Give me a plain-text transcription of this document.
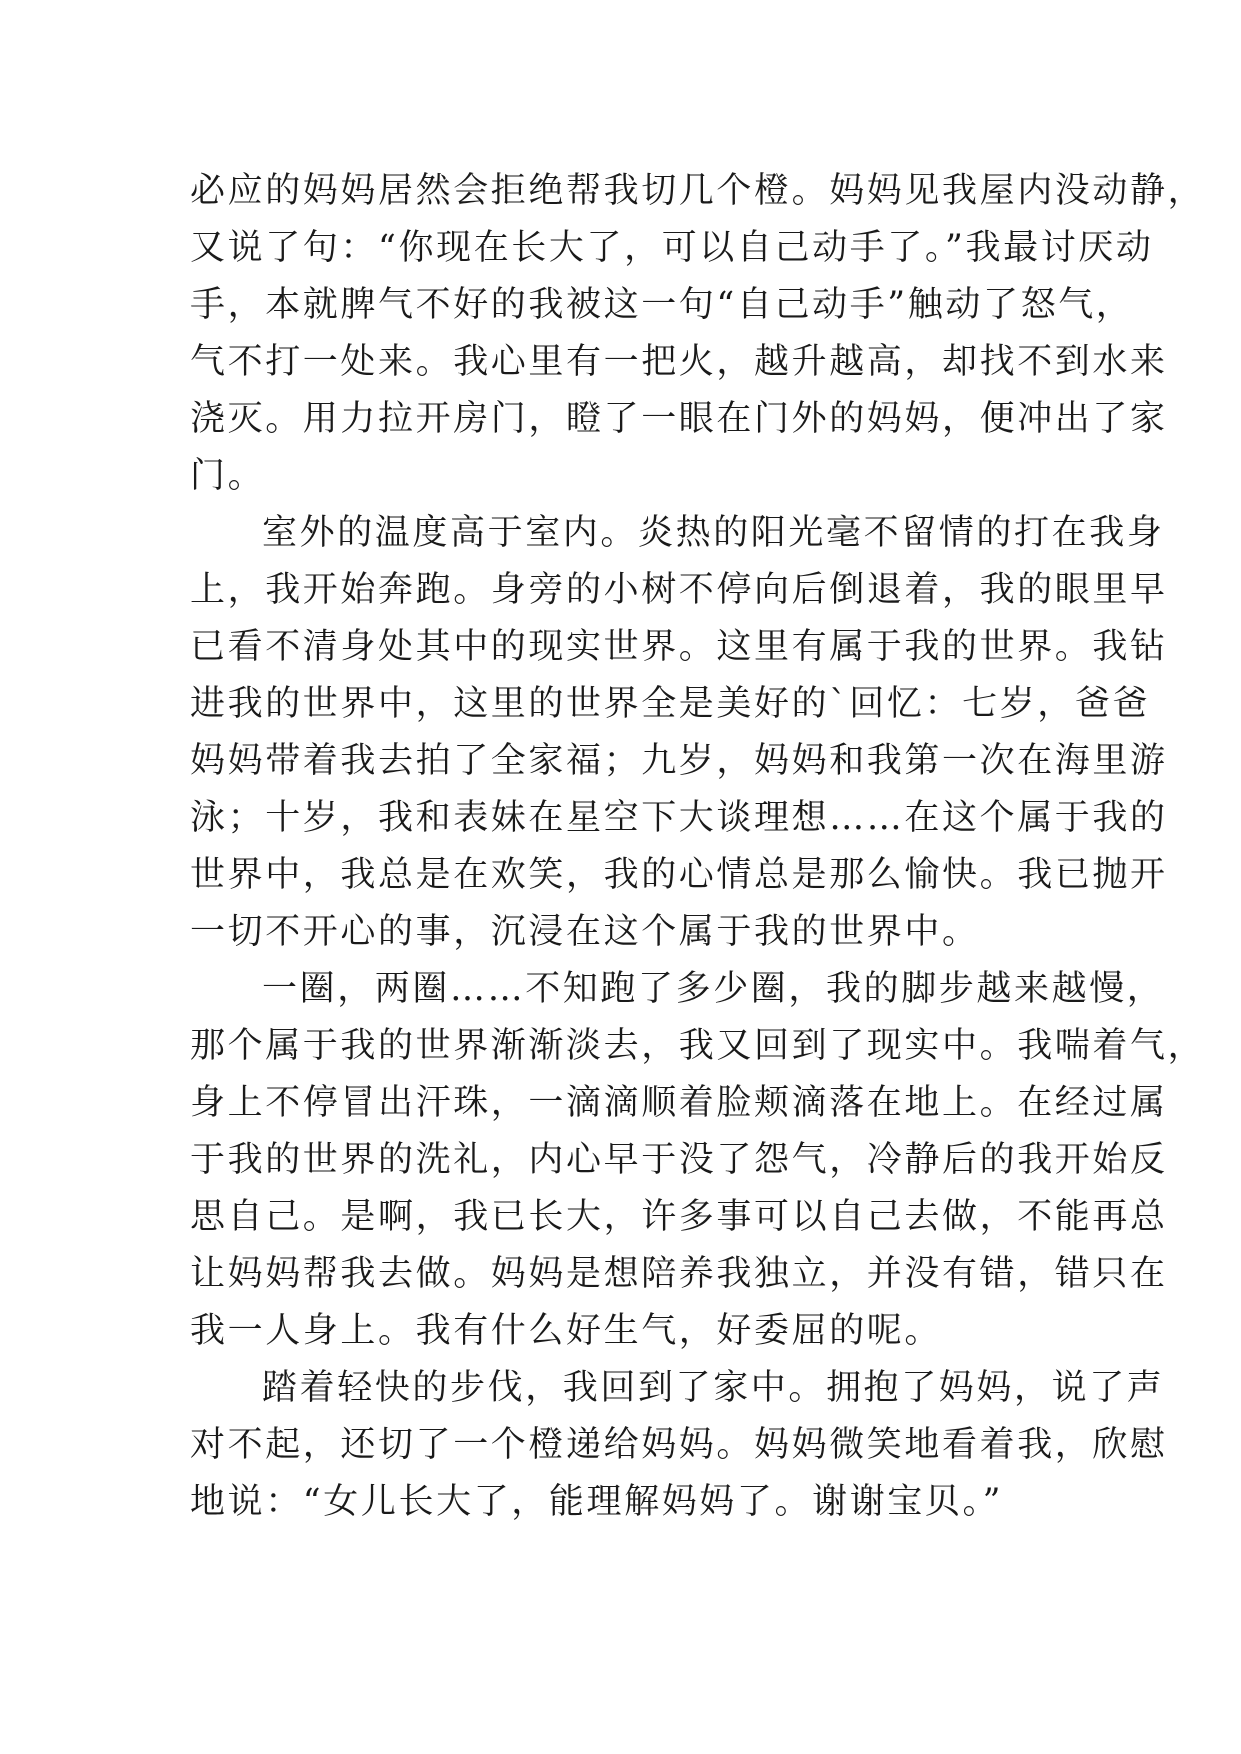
必应的妈妈居然会拒绝帮我切几个橙。妈妈见我屋内没动静，
又说了句：“你现在长大了，可以自己动手了。”我最讨厌动
手，本就脾气不好的我被这一句“自己动手”触动了怒气，
气不打一处来。我心里有一把火，越升越高，却找不到水来
浇灭。用力拉开房门，瞪了一眼在门外的妈妈，便冲出了家
门。
室外的温度高于室内。炎热的阳光毫不留情的打在我身
上，我开始奔跑。身旁的小树不停向后倒退着，我的眼里早
已看不清身处其中的现实世界。这里有属于我的世界。我钻
进我的世界中，这里的世界全是美好的`回忆：七岁，爸爸
妈妈带着我去拍了全家福；九岁，妈妈和我第一次在海里游
泳；十岁，我和表妹在星空下大谈理想……在这个属于我的
世界中，我总是在欢笑，我的心情总是那么愉快。我已抛开
一切不开心的事，沉浸在这个属于我的世界中。
一圈，两圈……不知跑了多少圈，我的脚步越来越慢，
那个属于我的世界渐渐淡去，我又回到了现实中。我喘着气，
身上不停冒出汗珠，一滴滴顺着脸颊滴落在地上。在经过属
于我的世界的洗礼，内心早于没了怨气，冷静后的我开始反
思自己。是啊，我已长大，许多事可以自己去做，不能再总
让妈妈帮我去做。妈妈是想陪养我独立，并没有错，错只在
我一人身上。我有什么好生气，好委屈的呢。
踏着轻快的步伐，我回到了家中。拥抱了妈妈，说了声
对不起，还切了一个橙递给妈妈。妈妈微笑地看着我，欣慰
地说：“女儿长大了，能理解妈妈了。谢谢宝贝。”
